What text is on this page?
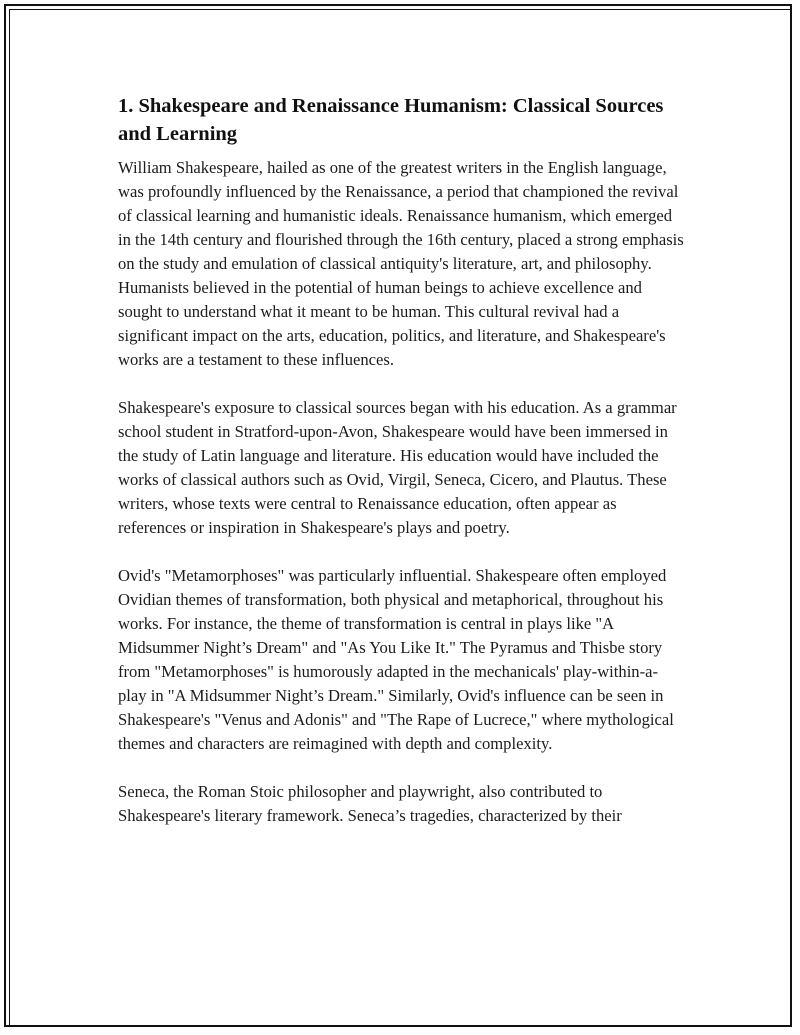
1. Shakespeare and Renaissance Humanism: Classical Sources and Learning

William Shakespeare, hailed as one of the greatest writers in the English language, was profoundly influenced by the Renaissance, a period that championed the revival of classical learning and humanistic ideals. Renaissance humanism, which emerged in the 14th century and flourished through the 16th century, placed a strong emphasis on the study and emulation of classical antiquity's literature, art, and philosophy. Humanists believed in the potential of human beings to achieve excellence and sought to understand what it meant to be human. This cultural revival had a significant impact on the arts, education, politics, and literature, and Shakespeare's works are a testament to these influences.

Shakespeare's exposure to classical sources began with his education. As a grammar school student in Stratford-upon-Avon, Shakespeare would have been immersed in the study of Latin language and literature. His education would have included the works of classical authors such as Ovid, Virgil, Seneca, Cicero, and Plautus. These writers, whose texts were central to Renaissance education, often appear as references or inspiration in Shakespeare's plays and poetry.

Ovid's "Metamorphoses" was particularly influential. Shakespeare often employed Ovidian themes of transformation, both physical and metaphorical, throughout his works. For instance, the theme of transformation is central in plays like "A Midsummer Night’s Dream" and "As You Like It." The Pyramus and Thisbe story from "Metamorphoses" is humorously adapted in the mechanicals' play-within-a-play in "A Midsummer Night’s Dream." Similarly, Ovid's influence can be seen in Shakespeare's "Venus and Adonis" and "The Rape of Lucrece," where mythological themes and characters are reimagined with depth and complexity.

Seneca, the Roman Stoic philosopher and playwright, also contributed to Shakespeare's literary framework. Seneca’s tragedies, characterized by their
